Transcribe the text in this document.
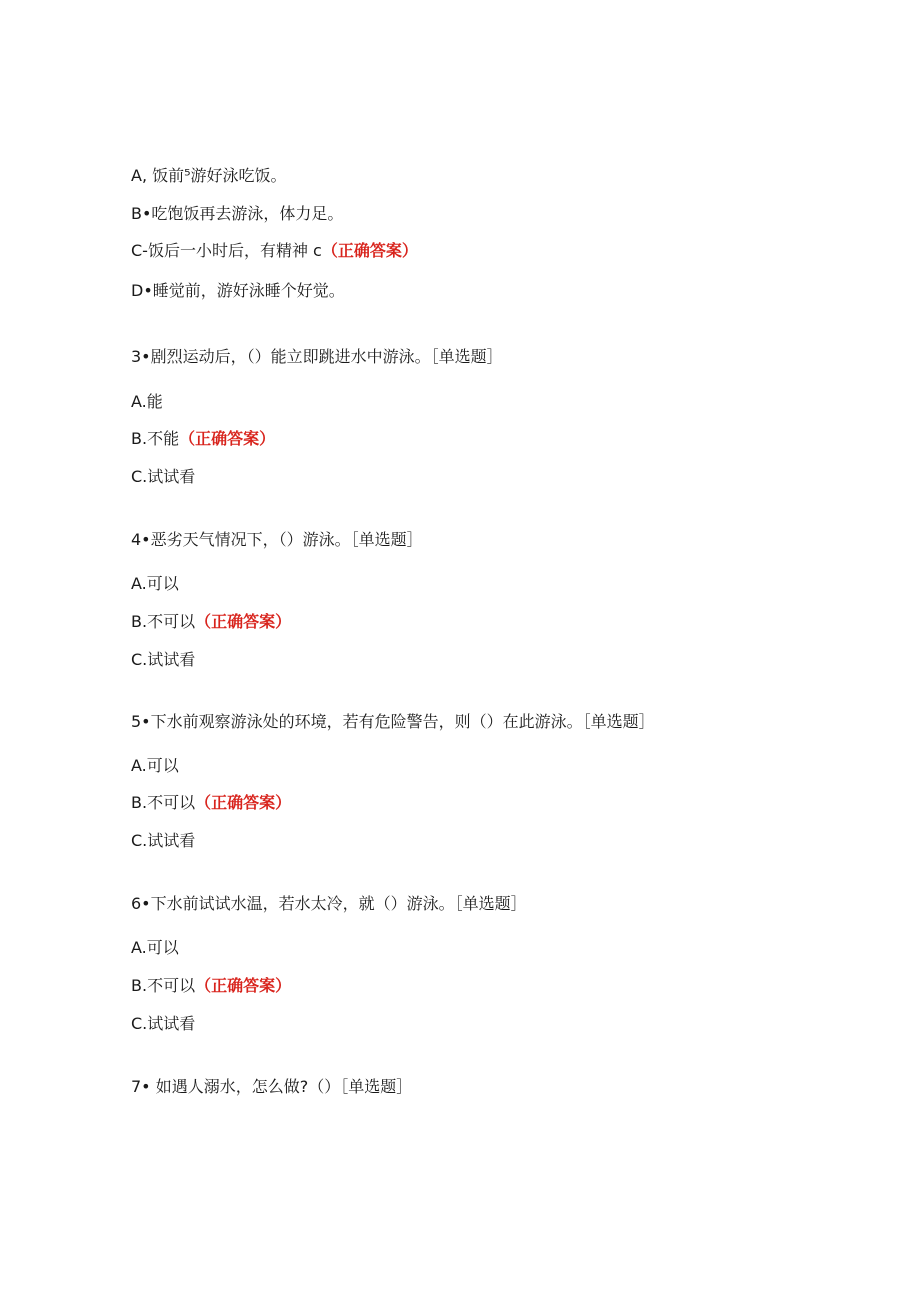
A, 饭前⁵游好泳吃饭。
B•吃饱饭再去游泳，体力足。
C-饭后一小时后，有精神 c（正确答案）
D•睡觉前，游好泳睡个好觉。
3•剧烈运动后，（）能立即跳进水中游泳。［单选题］
A.能
B.不能（正确答案）
C.试试看
4•恶劣天气情况下，（）游泳。［单选题］
A.可以
B.不可以（正确答案）
C.试试看
5•下水前观察游泳处的环境，若有危险警告，则（）在此游泳。［单选题］
A.可以
B.不可以（正确答案）
C.试试看
6•下水前试试水温，若水太冷，就（）游泳。［单选题］
A.可以
B.不可以（正确答案）
C.试试看
7• 如遇人溺水，怎么做?（）［单选题］
